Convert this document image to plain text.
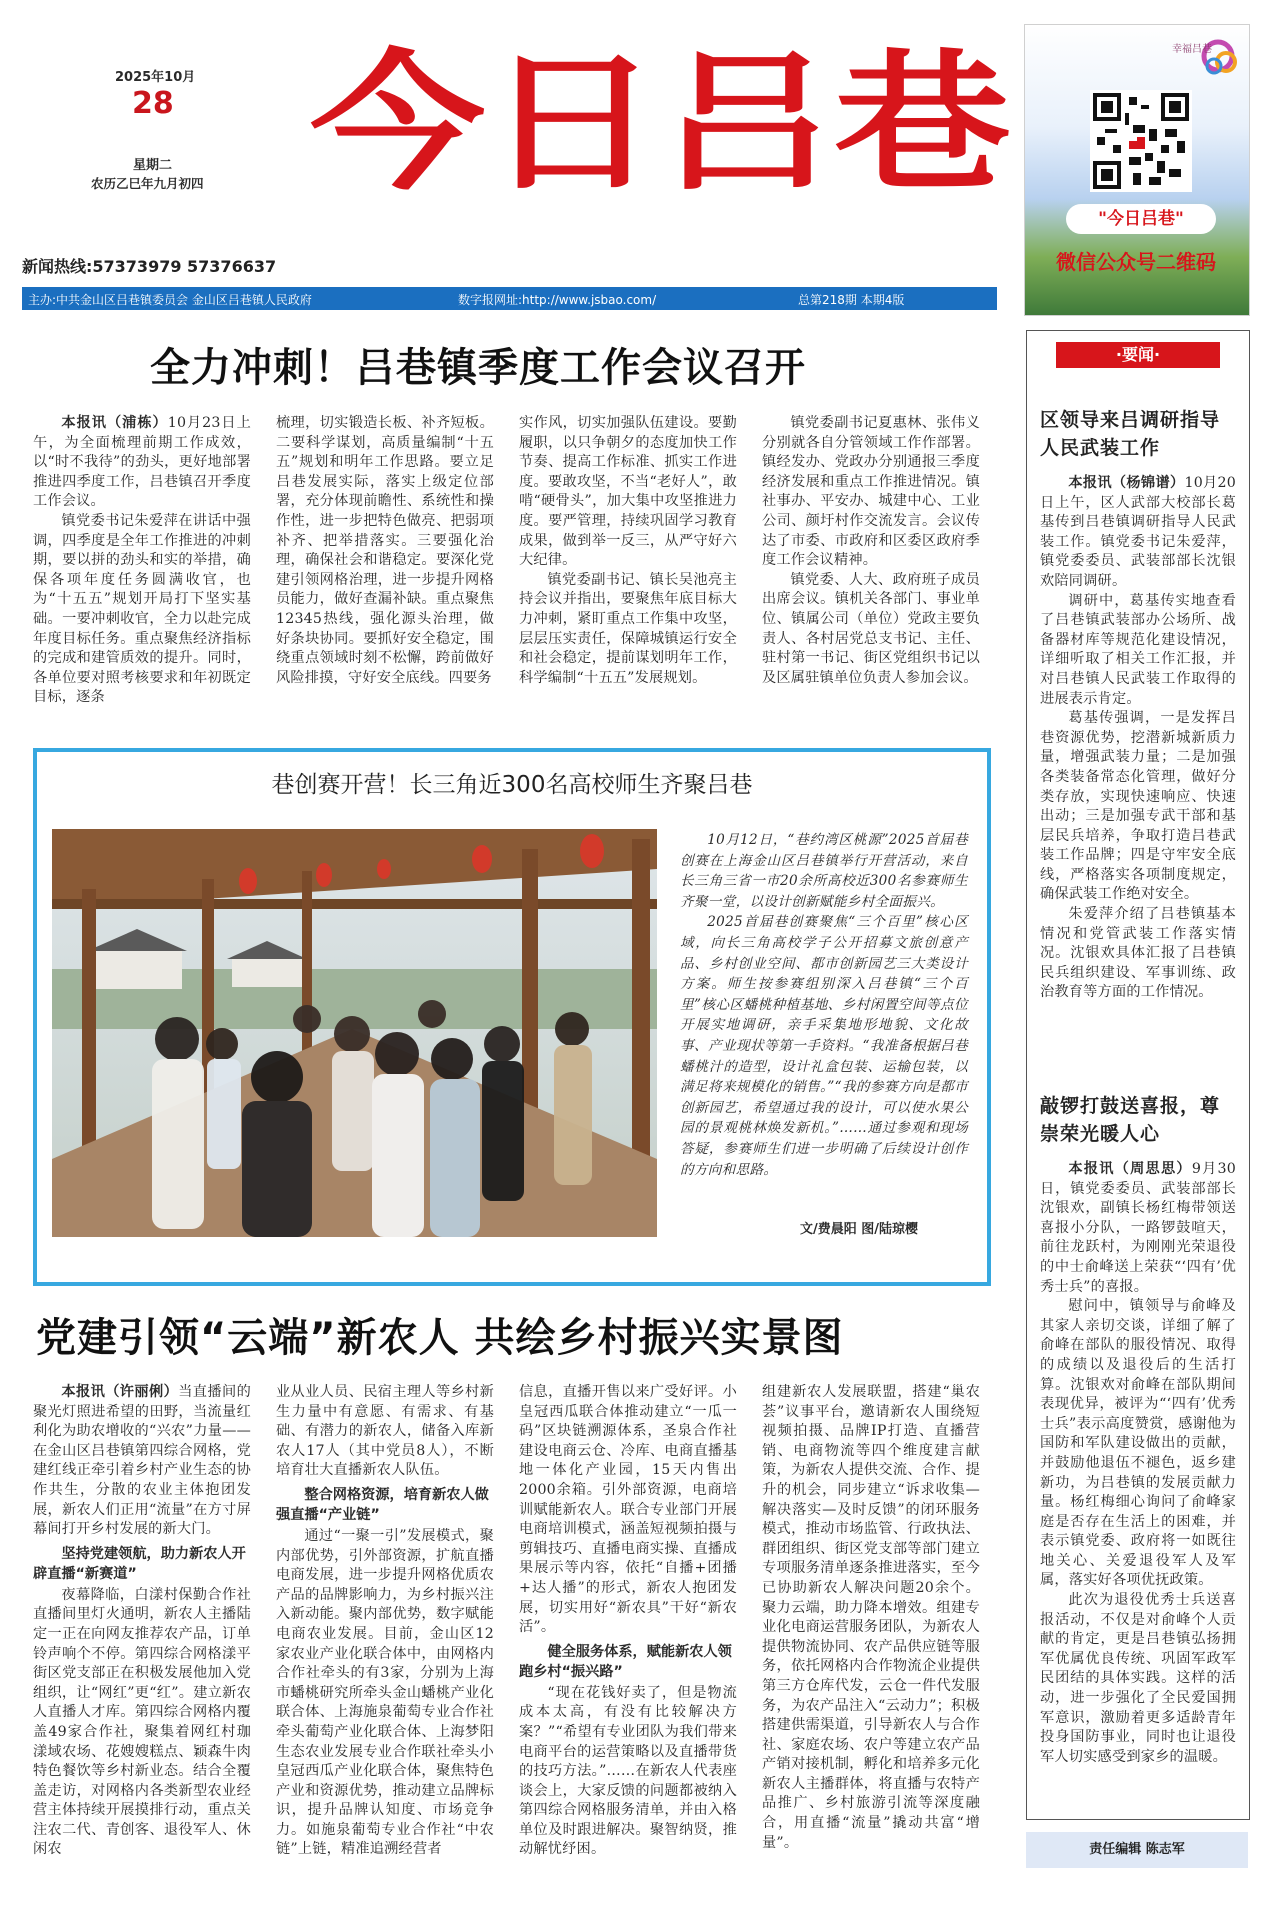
2025年10月
28
星期二
农历乙巳年九月初四 今日吕巷
新闻热线:57373979 57376637
主办:中共金山区吕巷镇委员会 金山区吕巷镇人民政府	数字报网址:http://www.jsbao.com/	总第218期 本期4版
幸福吕巷
"今日吕巷"
微信公众号二维码
全力冲刺！吕巷镇季度工作会议召开

本报讯（浦栋）10月23日上午，为全面梳理前期工作成效，以“时不我待”的劲头，更好地部署推进四季度工作，吕巷镇召开季度工作会议。

镇党委书记朱爱萍在讲话中强调，四季度是全年工作推进的冲刺期，要以拼的劲头和实的举措，确保各项年度任务圆满收官，也为“十五五”规划开局打下坚实基础。一要冲刺收官，全力以赴完成年度目标任务。重点聚焦经济指标的完成和建管质效的提升。同时，各单位要对照考核要求和年初既定目标，逐条

梳理，切实锻造长板、补齐短板。二要科学谋划，高质量编制“十五五”规划和明年工作思路。要立足吕巷发展实际，落实上级定位部署，充分体现前瞻性、系统性和操作性，进一步把特色做亮、把弱项补齐、把举措落实。三要强化治理，确保社会和谐稳定。要深化党建引领网格治理，进一步提升网格员能力，做好查漏补缺。重点聚焦12345热线，强化源头治理，做好条块协同。要抓好安全稳定，围绕重点领域时刻不松懈，跨前做好风险排摸，守好安全底线。四要务

实作风，切实加强队伍建设。要勤履职，以只争朝夕的态度加快工作节奏、提高工作标准、抓实工作进度。要敢攻坚，不当“老好人”，敢啃“硬骨头”，加大集中攻坚推进力度。要严管理，持续巩固学习教育成果，做到举一反三，从严守好六大纪律。

镇党委副书记、镇长吴池亮主持会议并指出，要聚焦年底目标大力冲刺，紧盯重点工作集中攻坚，层层压实责任，保障城镇运行安全和社会稳定，提前谋划明年工作，科学编制“十五五”发展规划。

镇党委副书记夏惠林、张伟义分别就各自分管领域工作作部署。镇经发办、党政办分别通报三季度经济发展和重点工作推进情况。镇社事办、平安办、城建中心、工业公司、颜圩村作交流发言。会议传达了市委、市政府和区委区政府季度工作会议精神。

镇党委、人大、政府班子成员出席会议。镇机关各部门、事业单位、镇属公司（单位）党政主要负责人、各村居党总支书记、主任、驻村第一书记、街区党组织书记以及区属驻镇单位负责人参加会议。

巷创赛开营！长三角近300名高校师生齐聚吕巷

10月12日，“巷约湾区桃源”2025首届巷创赛在上海金山区吕巷镇举行开营活动，来自长三角三省一市20余所高校近300名参赛师生齐聚一堂，以设计创新赋能乡村全面振兴。

2025首届巷创赛聚焦“三个百里”核心区域，向长三角高校学子公开招募文旅创意产品、乡村创业空间、都市创新园艺三大类设计方案。师生按参赛组别深入吕巷镇“三个百里”核心区蟠桃种植基地、乡村闲置空间等点位开展实地调研，亲手采集地形地貌、文化故事、产业现状等第一手资料。“我准备根据吕巷蟠桃汁的造型，设计礼盒包装、运输包装，以满足将来规模化的销售。”“我的参赛方向是都市创新园艺，希望通过我的设计，可以使水果公园的景观桃林焕发新机。”……通过参观和现场答疑，参赛师生们进一步明确了后续设计创作的方向和思路。

文/费晨阳 图/陆琼樱
党建引领“云端”新农人 共绘乡村振兴实景图

本报讯（许丽俐）当直播间的聚光灯照进希望的田野，当流量红利化为助农增收的“兴农”力量——在金山区吕巷镇第四综合网格，党建红线正牵引着乡村产业生态的协作共生，分散的农业主体抱团发展，新农人们正用“流量”在方寸屏幕间打开乡村发展的新大门。

坚持党建领航，助力新农人开辟直播“新赛道”

夜幕降临，白漾村保勤合作社直播间里灯火通明，新农人主播陆定一正在向网友推荐农产品，订单铃声响个不停。第四综合网格漾平街区党支部正在积极发展他加入党组织，让“网红”更“红”。建立新农人直播人才库。第四综合网格内覆盖49家合作社，聚集着网红村珈漾域农场、花嫂嫂糕点、颖森牛肉特色餐饮等乡村新业态。结合全覆盖走访，对网格内各类新型农业经营主体持续开展摸排行动，重点关注农二代、青创客、退役军人、休闲农

业从业人员、民宿主理人等乡村新生力量中有意愿、有需求、有基础、有潜力的新农人，储备入库新农人17人（其中党员8人），不断培育壮大直播新农人队伍。

整合网格资源，培育新农人做强直播“产业链”

通过“一聚一引”发展模式，聚内部优势，引外部资源，扩航直播电商发展，进一步提升网格优质农产品的品牌影响力，为乡村振兴注入新动能。聚内部优势，数字赋能电商农业发展。目前，金山区12家农业产业化联合体中，由网格内合作社牵头的有3家，分别为上海市蟠桃研究所牵头金山蟠桃产业化联合体、上海施泉葡萄专业合作社牵头葡萄产业化联合体、上海梦阳生态农业发展专业合作联社牵头小皇冠西瓜产业化联合体，聚焦特色产业和资源优势，推动建立品牌标识，提升品牌认知度、市场竞争力。如施泉葡萄专业合作社“中农链”上链，精准追溯经营者

信息，直播开售以来广受好评。小皇冠西瓜联合体推动建立“一瓜一码”区块链溯源体系，圣泉合作社建设电商云仓、冷库、电商直播基地一体化产业园，15天内售出2000余箱。引外部资源，电商培训赋能新农人。联合专业部门开展电商培训模式，涵盖短视频拍摄与剪辑技巧、直播电商实操、直播成果展示等内容，依托“自播+团播+达人播”的形式，新农人抱团发展，切实用好“新农具”干好“新农活”。

健全服务体系，赋能新农人领跑乡村“振兴路”

“现在花钱好卖了，但是物流成本太高，有没有比较解决方案？”“希望有专业团队为我们带来电商平台的运营策略以及直播带货的技巧方法。”……在新农人代表座谈会上，大家反馈的问题都被纳入第四综合网格服务清单，并由入格单位及时跟进解决。聚智纳贤，推动解忧纾困。

组建新农人发展联盟，搭建“巢农荟”议事平台，邀请新农人围绕短视频拍摄、品牌IP打造、直播营销、电商物流等四个维度建言献策，为新农人提供交流、合作、提升的机会，同步建立“诉求收集—解决落实—及时反馈”的闭环服务模式，推动市场监管、行政执法、群团组织、街区党支部等部门建立专项服务清单逐条推进落实，至今已协助新农人解决问题20余个。聚力云端，助力降本增效。组建专业化电商运营服务团队，为新农人提供物流协同、农产品供应链等服务，依托网格内合作物流企业提供第三方仓库代发，云仓一件代发服务，为农产品注入“云动力”；积极搭建供需渠道，引导新农人与合作社、家庭农场、农户等建立农产品产销对接机制，孵化和培养多元化新农人主播群体，将直播与农特产品推广、乡村旅游引流等深度融合，用直播“流量”撬动共富“增量”。

·要闻·

区领导来吕调研指导人民武装工作

本报讯（杨锦谱）10月20日上午，区人武部大校部长葛基传到吕巷镇调研指导人民武装工作。镇党委书记朱爱萍，镇党委委员、武装部部长沈银欢陪同调研。

调研中，葛基传实地查看了吕巷镇武装部办公场所、战备器材库等规范化建设情况，详细听取了相关工作汇报，并对吕巷镇人民武装工作取得的进展表示肯定。

葛基传强调，一是发挥吕巷资源优势，挖潜新城新质力量，增强武装力量；二是加强各类装备常态化管理，做好分类存放，实现快速响应、快速出动；三是加强专武干部和基层民兵培养，争取打造吕巷武装工作品牌；四是守牢安全底线，严格落实各项制度规定，确保武装工作绝对安全。

朱爱萍介绍了吕巷镇基本情况和党管武装工作落实情况。沈银欢具体汇报了吕巷镇民兵组织建设、军事训练、政治教育等方面的工作情况。

敲锣打鼓送喜报，尊崇荣光暖人心

本报讯（周思思）9月30日，镇党委委员、武装部部长沈银欢，副镇长杨红梅带领送喜报小分队，一路锣鼓喧天，前往龙跃村，为刚刚光荣退役的中士俞峰送上荣获“‘四有’优秀士兵”的喜报。

慰问中，镇领导与俞峰及其家人亲切交谈，详细了解了俞峰在部队的服役情况、取得的成绩以及退役后的生活打算。沈银欢对俞峰在部队期间表现优异，被评为“‘四有’优秀士兵”表示高度赞赏，感谢他为国防和军队建设做出的贡献，并鼓励他退伍不褪色，返乡建新功，为吕巷镇的发展贡献力量。杨红梅细心询问了俞峰家庭是否存在生活上的困难，并表示镇党委、政府将一如既往地关心、关爱退役军人及军属，落实好各项优抚政策。

此次为退役优秀士兵送喜报活动，不仅是对俞峰个人贡献的肯定，更是吕巷镇弘扬拥军优属优良传统、巩固军政军民团结的具体实践。这样的活动，进一步强化了全民爱国拥军意识，激励着更多适龄青年投身国防事业，同时也让退役军人切实感受到家乡的温暖。

责任编辑 陈志军
